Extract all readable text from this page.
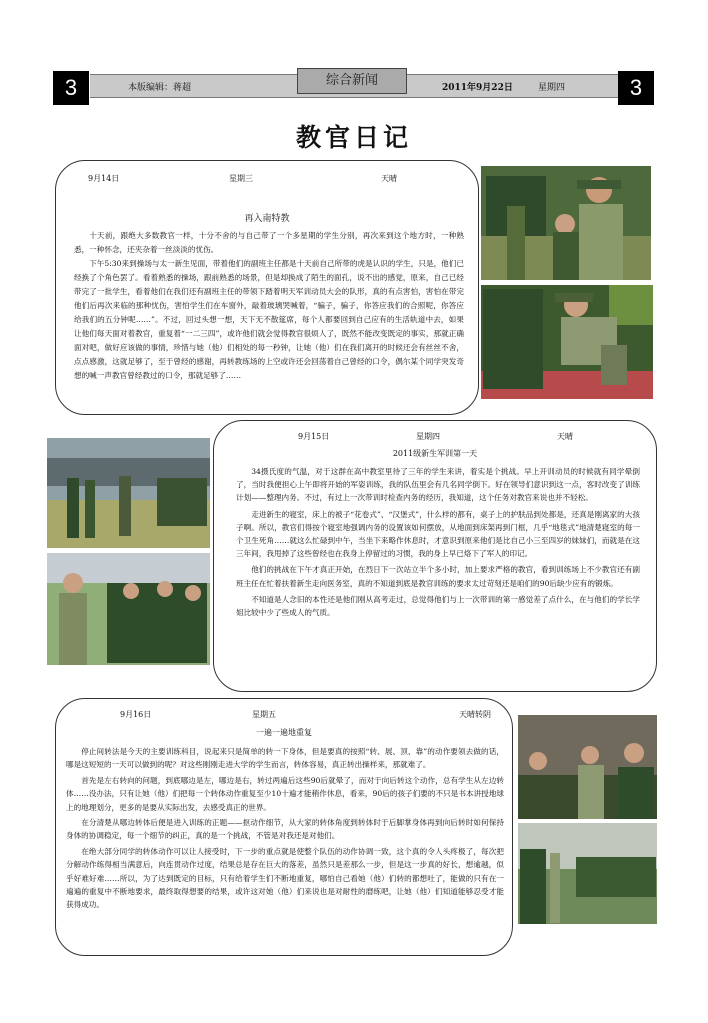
3	3
本版编辑：蒋超	2011年9月22日	星期四
综合新闻
教官日记
9月14日	星期三	天晴
再入南特教

十天前，跟绝大多数教官一样，十分不舍的与自己带了一个多星期的学生分别，再次来到这个地方时，一种熟悉，一种怀念，还夹杂着一丝淡淡的忧伤。

下午5:30来到操场与太一新生见面，带着他们的副班主任都是十天前自己所带的虎是认识的学生，只是，他们已经换了个角色罢了。看着熟悉的操场，跟前熟悉的场景，但是却换成了陌生的面孔，说不出的感觉，原来，自己已经带完了一批学生，看着他们在我们还有副班主任的带领下踏着明天军训动员大会的队形，真的有点害怕，害怕在带完他们后再次来临的那种忧伤，害怕学生们在车窗外，敲着玻璃哭喊着，“骗子，骗子，你答应我们的合照呢，你答应给我们的五分钟呢……”。不过，回过头想一想，天下无不散筵席，每个人都要回到自己应有的生活轨道中去，如果让他们每天面对着教官，重复着“一二三四”，或许他们就会觉得教官很烦人了，既然不能改变既定的事实，那就正确面对吧，做好应该做的事情，珍惜与她（他）们相处的每一秒钟，让她（他）们在我们离开的时候还会有丝丝不舍，点点感激，这就足够了，至于曾经的感谢，再转教练场的上空或许还会回荡着自己曾经的口令，偶尔某个同学突发奇想的喊一声教官曾经教过的口令，那就足够了……

9月15日	星期四	天晴
2011级新生军训第一天

34摄氏度的气温，对于这群在高中教室里待了三年的学生来讲，着实是个挑战。早上开训动员的时候就有同学晕倒了，当时我便担心上午即将开始的军姿训练，我的队伍里会有几名同学倒下。好在领导们意识到这一点，客时改变了训练计划——整理内务。不过，有过上一次带训时检查内务的经历，我知道，这个任务对教官来说也并不轻松。

走进新生的寝室，床上的被子“花卷式”、“汉堡式”，什么样的都有，桌子上的护肤品到处都是，还真是刚离家的大孩子啊。所以，教官们得按个寝室地强调内务的设置该如何摆放，从地面到床架再到门框，几乎“地毯式”地清楚寝室的每一个卫生死角……就这么忙碌到中午，当坐下来略作休息时，才意识到原来他们是比自己小三至四岁的妹妹们，而就是在这三年间，我甩掉了这些曾经也在我身上停留过的习惯，我的身上早已烙下了军人的印记。

他们的挑战在下午才真正开始，在烈日下一次站立半个多小时，加上要求严格的教官，看到训练场上不少教官还有副班主任在忙着扶着新生走向医务室，真的不知道到底是教官训练的要求太过苛刻还是咱们的90后缺少应有的锻炼。

不知道是人念旧的本性还是他们刚从高考走过，总觉得他们与上一次带训的第一感觉差了点什么，在与他们的学长学姐比较中少了些成人的气质。

9月16日	星期五	天晴转阴
一遍一遍地重复

停止间转法是今天的主要训练科目，说起来只是简单的转一下身体，但是要真的按照“转、展、顶、靠”的动作要领去做的话，哪是这短短的一天可以做到的呢？对这些刚刚走进大学的学生而言，转体容易，真正转出操样来，那就难了。

首先是左右转向的问题，到底哪边是左，哪边是右，转过两遍后这些90后就晕了，而对于向后转这个动作，总有学生从左边转体……没办法，只有让她（他）们把每一个转体动作重复至少10十遍才能稍作休息，看来，90后的孩子们要的不只是书本讲授地球上的地理划分，更多的是要从实际出发，去感受真正的世界。

在分清楚从哪边转体后便是进入训练的正题——抠动作细节，从大家的转体角度到转体时于后脚掌身体再到向后转时如何保持身体的协调稳定，每一个细节的纠正，真的是一个挑战，不管是对我还是对他们。

在绝大部分同学的转体动作可以让人接受时，下一步的重点就是使整个队伍的动作协调一致，这个真的令人头疼极了，每次把分解动作练得相当满意后，向连贯动作过度，结果总是存在巨大的落差，虽然只是差那么一步，但是这一步真的好长，想逾越，似乎好难好难……所以，为了达到既定的目标，只有给着学生们不断地重复，哪怕自己看她（他）们转的都想吐了，能做的只有在一遍遍的重复中不断地要求，最终取得想要的结果，或许这对她（他）们来说也是对耐性的磨练吧，让她（他）们知道能够忍受才能获得成功。
